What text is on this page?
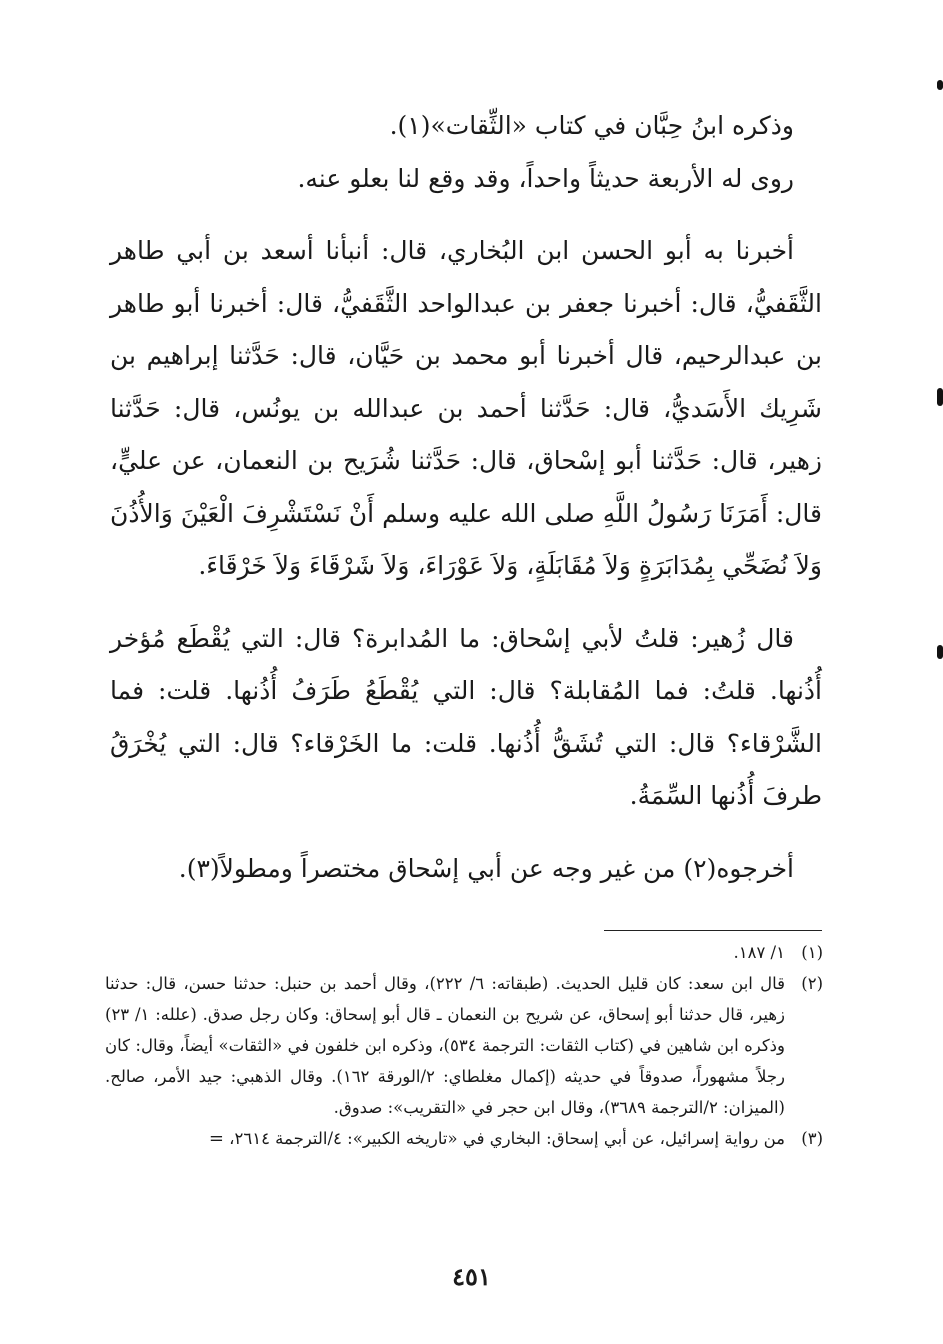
وذكره ابنُ حِبَّان في كتاب «الثِّقات»(١).

روى له الأربعة حديثاً واحداً، وقد وقع لنا بعلو عنه.

أخبرنا به أبو الحسن ابن البُخاري، قال: أنبأنا أسعد بن أبي طاهر الثَّقَفيُّ، قال: أخبرنا جعفر بن عبدالواحد الثَّقَفيُّ، قال: أخبرنا أبو طاهر بن عبدالرحيم، قال أخبرنا أبو محمد بن حَيَّان، قال: حَدَّثنا إبراهيم بن شَرِيك الأَسَديُّ، قال: حَدَّثنا أحمد بن عبدالله بن يونُس، قال: حَدَّثنا زهير، قال: حَدَّثنا أبو إسْحاق، قال: حَدَّثنا شُرَيح بن النعمان، عن عليٍّ، قال: أَمَرَنَا رَسُولُ اللَّهِ صلى الله عليه وسلم أَنْ نَسْتَشْرِفَ الْعَيْنَ وَالأُذُنَ وَلاَ نُضَحِّي بِمُدَابَرَةٍ وَلاَ مُقَابَلَةٍ، وَلاَ عَوْرَاءَ، وَلاَ شَرْقَاءَ وَلاَ خَرْقَاءَ.

قال زُهير: قلتُ لأبي إسْحاق: ما المُدابرة؟ قال: التي يُقْطَع مُؤخر أُذُنها. قلتُ: فما المُقابلة؟ قال: التي يُقْطَعُ طَرَفُ أُذُنها. قلت: فما الشَّرْقاء؟ قال: التي تُشَقُّ أُذُنها. قلت: ما الخَرْقاء؟ قال: التي يُخْرَقُ طرفَ أُذُنها السِّمَةُ.

أخرجوه(٢) من غير وجه عن أبي إسْحاق مختصراً ومطولاً(٣).

(١)
١/ ١٨٧.
(٢)
قال ابن سعد: كان قليل الحديث. (طبقاته: ٦/ ٢٢٢)، وقال أحمد بن حنبل: حدثنا حسن، قال: حدثنا زهير، قال حدثنا أبو إسحاق، عن شريح بن النعمان ـ قال أبو إسحاق: وكان رجل صدق. (علله: ١/ ٢٣) وذكره ابن شاهين في (كتاب الثقات: الترجمة ٥٣٤)، وذكره ابن خلفون في «الثقات» أيضاً، وقال: كان رجلاً مشهوراً، صدوقاً في حديثه (إكمال مغلطاي: ٢/الورقة ١٦٢). وقال الذهبي: جيد الأمر، صالح. (الميزان: ٢/الترجمة ٣٦٨٩)، وقال ابن حجر في «التقريب»: صدوق.
(٣)
من رواية إسرائيل، عن أبي إسحاق: البخاري في «تاريخه الكبير»: ٤/الترجمة ٢٦١٤، =
٤٥١
